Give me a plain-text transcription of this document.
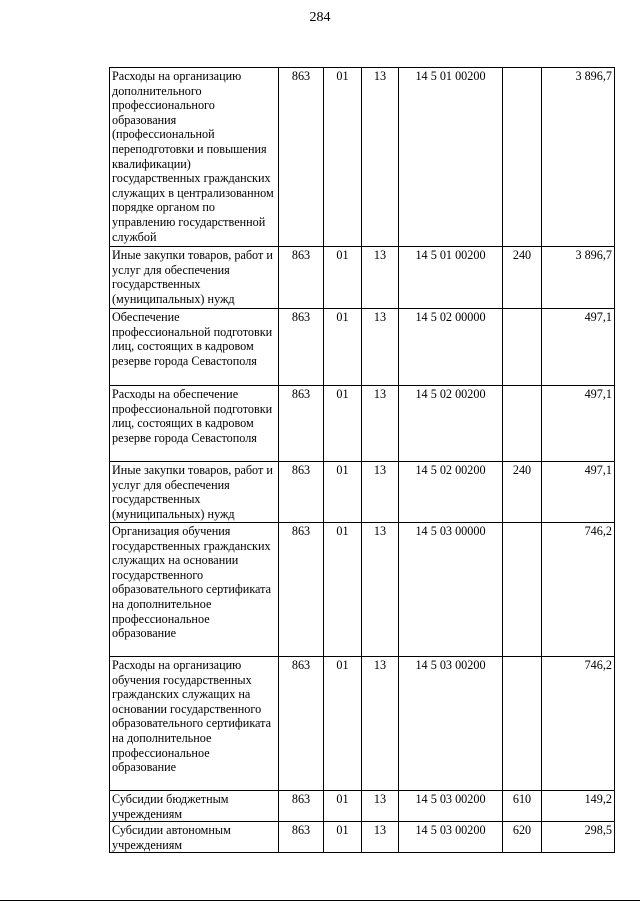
284
Расходы на организацию дополнительного профессионального образования (профессиональной переподготовки и повышения квалификации) государственных гражданских служащих в централизованном порядке органом по управлению государственной службой	863	01	13	14 5 01 00200		3 896,7
Иные закупки товаров, работ и услуг для обеспечения государственных (муниципальных) нужд	863	01	13	14 5 01 00200	240	3 896,7
Обеспечение профессиональной подготовки лиц, состоящих в кадровом резерве города Севастополя	863	01	13	14 5 02 00000		497,1
Расходы на обеспечение профессиональной подготовки лиц, состоящих в кадровом резерве города Севастополя	863	01	13	14 5 02 00200		497,1
Иные закупки товаров, работ и услуг для обеспечения государственных (муниципальных) нужд	863	01	13	14 5 02 00200	240	497,1
Организация обучения государственных гражданских служащих на основании государственного образовательного сертификата на дополнительное профессиональное образование	863	01	13	14 5 03 00000		746,2
Расходы на организацию обучения государственных гражданских служащих на основании государственного образовательного сертификата на дополнительное профессиональное образование	863	01	13	14 5 03 00200		746,2
Субсидии бюджетным учреждениям	863	01	13	14 5 03 00200	610	149,2
Субсидии автономным учреждениям	863	01	13	14 5 03 00200	620	298,5
